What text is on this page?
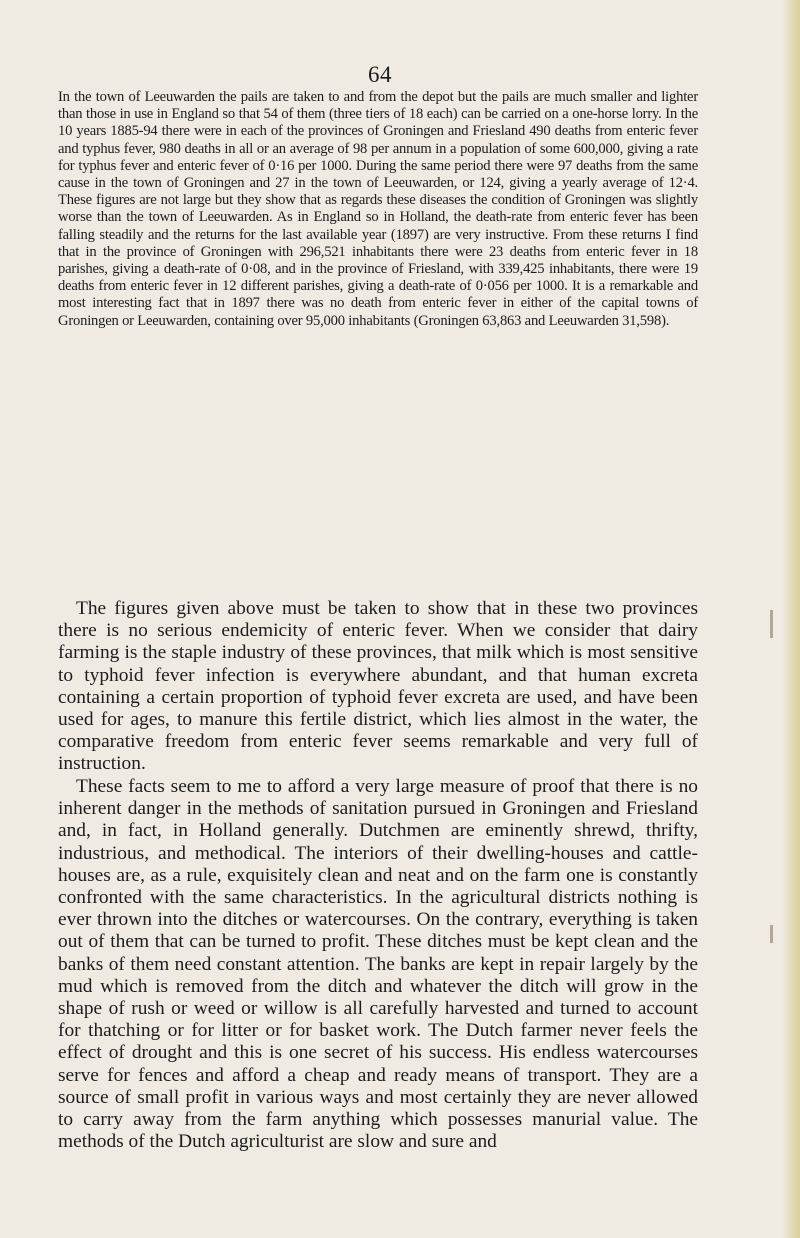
64

In the town of Leeuwarden the pails are taken to and from the depot but the pails are much smaller and lighter than those in use in England so that 54 of them (three tiers of 18 each) can be carried on a one-horse lorry. In the 10 years 1885-94 there were in each of the provinces of Groningen and Friesland 490 deaths from enteric fever and typhus fever, 980 deaths in all or an average of 98 per annum in a population of some 600,000, giving a rate for typhus fever and enteric fever of 0·16 per 1000. During the same period there were 97 deaths from the same cause in the town of Groningen and 27 in the town of Leeuwarden, or 124, giving a yearly average of 12·4. These figures are not large but they show that as regards these diseases the condition of Groningen was slightly worse than the town of Leeuwarden. As in England so in Holland, the death-rate from enteric fever has been falling steadily and the returns for the last available year (1897) are very instructive. From these returns I find that in the province of Groningen with 296,521 inhabitants there were 23 deaths from enteric fever in 18 parishes, giving a death-rate of 0·08, and in the province of Friesland, with 339,425 inhabitants, there were 19 deaths from enteric fever in 12 different parishes, giving a death-rate of 0·056 per 1000. It is a remarkable and most interesting fact that in 1897 there was no death from enteric fever in either of the capital towns of Groningen or Leeuwarden, containing over 95,000 inhabitants (Groningen 63,863 and Leeuwarden 31,598).

The figures given above must be taken to show that in these two provinces there is no serious endemicity of enteric fever. When we consider that dairy farming is the staple industry of these provinces, that milk which is most sensitive to typhoid fever infection is everywhere abundant, and that human excreta containing a certain proportion of typhoid fever excreta are used, and have been used for ages, to manure this fertile district, which lies almost in the water, the comparative freedom from enteric fever seems remarkable and very full of instruction.

These facts seem to me to afford a very large measure of proof that there is no inherent danger in the methods of sanitation pursued in Groningen and Friesland and, in fact, in Holland generally. Dutchmen are eminently shrewd, thrifty, industrious, and methodical. The interiors of their dwelling-houses and cattle-houses are, as a rule, exquisitely clean and neat and on the farm one is constantly confronted with the same characteristics. In the agricultural districts nothing is ever thrown into the ditches or watercourses. On the contrary, everything is taken out of them that can be turned to profit. These ditches must be kept clean and the banks of them need constant attention. The banks are kept in repair largely by the mud which is removed from the ditch and whatever the ditch will grow in the shape of rush or weed or willow is all carefully harvested and turned to account for thatching or for litter or for basket work. The Dutch farmer never feels the effect of drought and this is one secret of his success. His endless watercourses serve for fences and afford a cheap and ready means of transport. They are a source of small profit in various ways and most certainly they are never allowed to carry away from the farm anything which possesses manurial value. The methods of the Dutch agriculturist are slow and sure and
